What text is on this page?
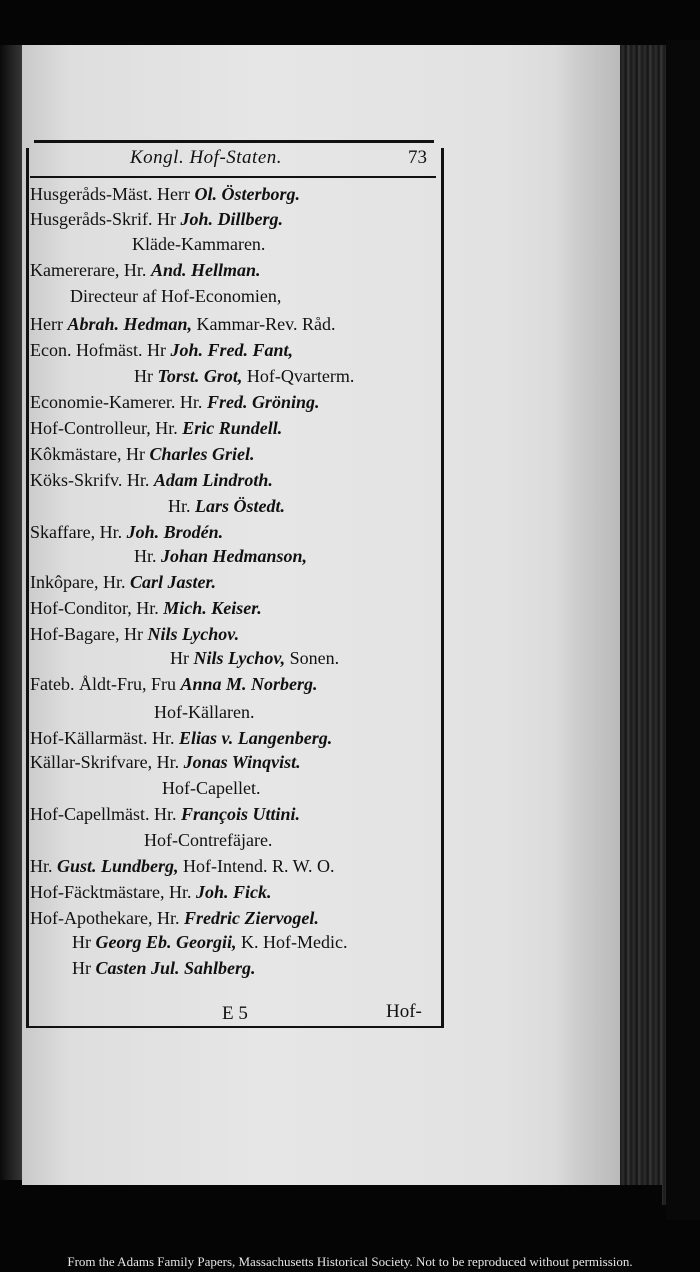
Kongl. Hof-Staten.	73
Husgeråds-Mäst. Herr Ol. Österborg.
Husgeråds-Skrif. Hr Joh. Dillberg.
Kläde-Kammaren.
Kamererare, Hr. And. Hellman.
Directeur af Hof-Economien,
Herr Abrah. Hedman, Kammar-Rev. Råd.
Econ. Hofmäst. Hr Joh. Fred. Fant,
Hr Torst. Grot, Hof-Qvarterm.
Economie-Kamerer. Hr. Fred. Gröning.
Hof-Controlleur, Hr. Eric Rundell.
Kôkmästare, Hr Charles Griel.
Köks-Skrifv. Hr. Adam Lindroth.
Hr. Lars Östedt.
Skaffare, Hr. Joh. Brodén.
Hr. Johan Hedmanson,
Inkôpare, Hr. Carl Jaster.
Hof-Conditor, Hr. Mich. Keiser.
Hof-Bagare, Hr Nils Lychov.
Hr Nils Lychov, Sonen.
Fateb. Åldt-Fru, Fru Anna M. Norberg.
Hof-Källaren.
Hof-Källarmäst. Hr. Elias v. Langenberg.
Källar-Skrifvare, Hr. Jonas Winqvist.
Hof-Capellet.
Hof-Capellmäst. Hr. François Uttini.
Hof-Contrefäjare.
Hr. Gust. Lundberg, Hof-Intend. R. W. O.
Hof-Fäcktmästare, Hr. Joh. Fick.
Hof-Apothekare, Hr. Fredric Ziervogel.
Hr Georg Eb. Georgii, K. Hof-Medic.
Hr Casten Jul. Sahlberg.
E 5	Hof-
From the Adams Family Papers, Massachusetts Historical Society. Not to be reproduced without permission.
